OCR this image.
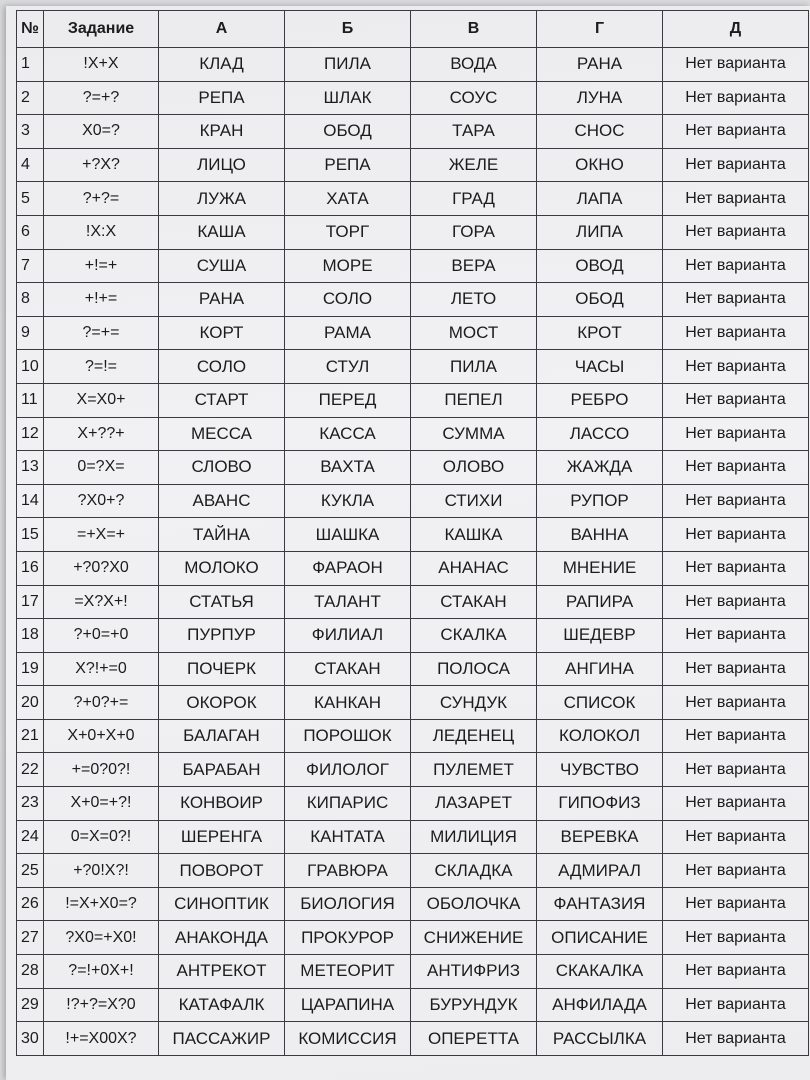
№	Задание	А	Б	В	Г	Д
1	!X+X	КЛАД	ПИЛА	ВОДА	РАНА	Нет варианта
2	?=+?	РЕПА	ШЛАК	СОУС	ЛУНА	Нет варианта
3	X0=?	КРАН	ОБОД	ТАРА	СНОС	Нет варианта
4	+?X?	ЛИЦО	РЕПА	ЖЕЛЕ	ОКНО	Нет варианта
5	?+?=	ЛУЖА	ХАТА	ГРАД	ЛАПА	Нет варианта
6	!X:X	КАША	ТОРГ	ГОРА	ЛИПА	Нет варианта
7	+!=+	СУША	МОРЕ	ВЕРА	ОВОД	Нет варианта
8	+!+=	РАНА	СОЛО	ЛЕТО	ОБОД	Нет варианта
9	?=+=	КОРТ	РАМА	МОСТ	КРОТ	Нет варианта
10	?=!=	СОЛО	СТУЛ	ПИЛА	ЧАСЫ	Нет варианта
11	X=X0+	СТАРТ	ПЕРЕД	ПЕПЕЛ	РЕБРО	Нет варианта
12	X+??+	МЕССА	КАССА	СУММА	ЛАССО	Нет варианта
13	0=?X=	СЛОВО	ВАХТА	ОЛОВО	ЖАЖДА	Нет варианта
14	?X0+?	АВАНС	КУКЛА	СТИХИ	РУПОР	Нет варианта
15	=+X=+	ТАЙНА	ШАШКА	КАШКА	ВАННА	Нет варианта
16	+?0?X0	МОЛОКО	ФАРАОН	АНАНАС	МНЕНИЕ	Нет варианта
17	=X?X+!	СТАТЬЯ	ТАЛАНТ	СТАКАН	РАПИРА	Нет варианта
18	?+0=+0	ПУРПУР	ФИЛИАЛ	СКАЛКА	ШЕДЕВР	Нет варианта
19	X?!+=0	ПОЧЕРК	СТАКАН	ПОЛОСА	АНГИНА	Нет варианта
20	?+0?+=	ОКОРОК	КАНКАН	СУНДУК	СПИСОК	Нет варианта
21	X+0+X+0	БАЛАГАН	ПОРОШОК	ЛЕДЕНЕЦ	КОЛОКОЛ	Нет варианта
22	+=0?0?!	БАРАБАН	ФИЛОЛОГ	ПУЛЕМЕТ	ЧУВСТВО	Нет варианта
23	X+0=+?!	КОНВОИР	КИПАРИС	ЛАЗАРЕТ	ГИПОФИЗ	Нет варианта
24	0=X=0?!	ШЕРЕНГА	КАНТАТА	МИЛИЦИЯ	ВЕРЕВКА	Нет варианта
25	+?0!X?!	ПОВОРОТ	ГРАВЮРА	СКЛАДКА	АДМИРАЛ	Нет варианта
26	!=X+X0=?	СИНОПТИК	БИОЛОГИЯ	ОБОЛОЧКА	ФАНТАЗИЯ	Нет варианта
27	?X0=+X0!	АНАКОНДА	ПРОКУРОР	СНИЖЕНИЕ	ОПИСАНИЕ	Нет варианта
28	?=!+0X+!	АНТРЕКОТ	МЕТЕОРИТ	АНТИФРИЗ	СКАКАЛКА	Нет варианта
29	!?+?=X?0	КАТАФАЛК	ЦАРАПИНА	БУРУНДУК	АНФИЛАДА	Нет варианта
30	!+=X00X?	ПАССАЖИР	КОМИССИЯ	ОПЕРЕТТА	РАССЫЛКА	Нет варианта
